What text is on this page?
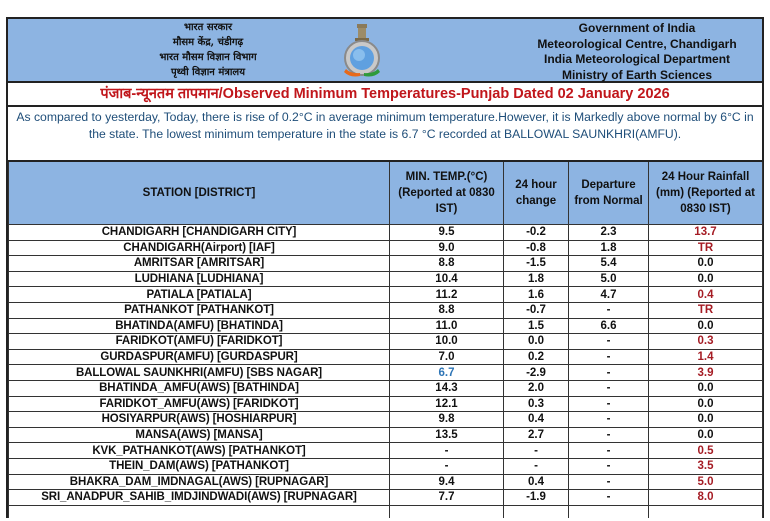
भारत सरकार
मौसम केंद्र, चंडीगढ़
भारत मौसम विज्ञान विभाग
पृथ्वी विज्ञान मंत्रालय
Government of India
Meteorological Centre, Chandigarh
India Meteorological Department
Ministry of Earth Sciences
पंजाब-न्यूनतम तापमान/Observed Minimum Temperatures-Punjab Dated 02 January 2026
As compared to yesterday, Today, there is rise of 0.2°C in average minimum temperature.However, it is Markedly above normal by 6°C in the state. The lowest minimum temperature in the state is 6.7 °C recorded at BALLOWAL SAUNKHRI(AMFU).
STATION [DISTRICT]	MIN. TEMP.(°C) (Reported at 0830 IST)	24 hour change	Departure from Normal	24 Hour Rainfall (mm) (Reported at 0830 IST)
CHANDIGARH [CHANDIGARH CITY]	9.5	-0.2	2.3	13.7
CHANDIGARH(Airport) [IAF]	9.0	-0.8	1.8	TR
AMRITSAR [AMRITSAR]	8.8	-1.5	5.4	0.0
LUDHIANA [LUDHIANA]	10.4	1.8	5.0	0.0
PATIALA [PATIALA]	11.2	1.6	4.7	0.4
PATHANKOT [PATHANKOT]	8.8	-0.7	-	TR
BHATINDA(AMFU) [BHATINDA]	11.0	1.5	6.6	0.0
FARIDKOT(AMFU) [FARIDKOT]	10.0	0.0	-	0.3
GURDASPUR(AMFU) [GURDASPUR]	7.0	0.2	-	1.4
BALLOWAL SAUNKHRI(AMFU) [SBS NAGAR]	6.7	-2.9	-	3.9
BHATINDA_AMFU(AWS) [BATHINDA]	14.3	2.0	-	0.0
FARIDKOT_AMFU(AWS) [FARIDKOT]	12.1	0.3	-	0.0
HOSIYARPUR(AWS) [HOSHIARPUR]	9.8	0.4	-	0.0
MANSA(AWS) [MANSA]	13.5	2.7	-	0.0
KVK_PATHANKOT(AWS) [PATHANKOT]	-	-	-	0.5
THEIN_DAM(AWS) [PATHANKOT]	-	-	-	3.5
BHAKRA_DAM_IMDNAGAL(AWS) [RUPNAGAR]	9.4	0.4	-	5.0
SRI_ANADPUR_SAHIB_IMDJINDWADI(AWS) [RUPNAGAR]	7.7	-1.9	-	8.0
